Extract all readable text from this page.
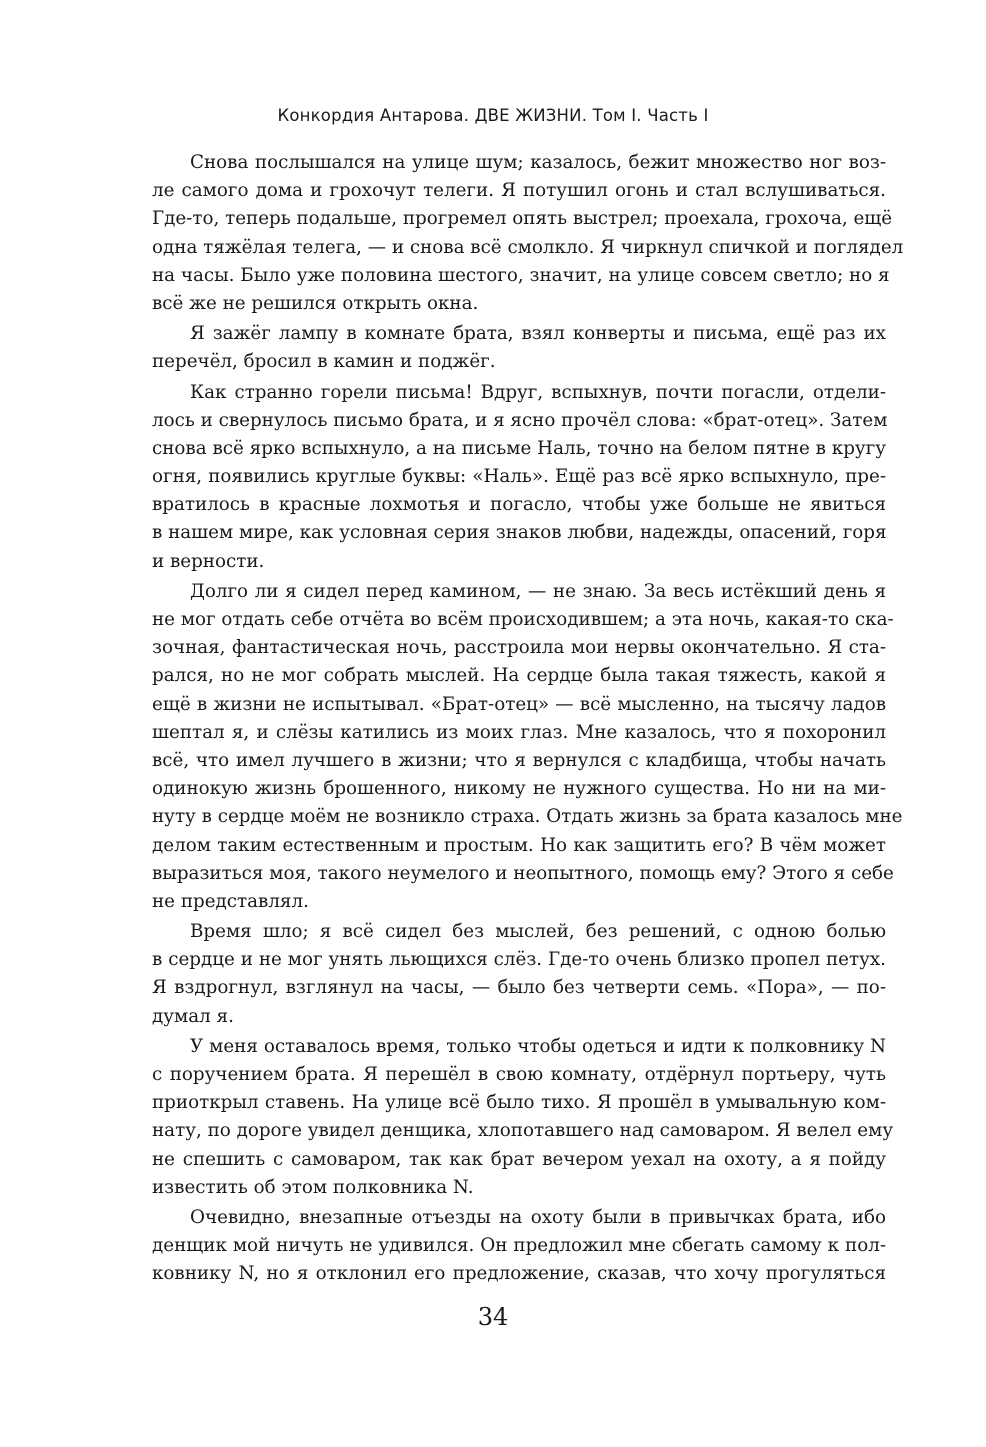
Конкордия Антарова. ДВЕ ЖИЗНИ. Том I. Часть I
Снова послышался на улице шум; казалось, бежит множество ног воз-
ле самого дома и грохочут телеги. Я потушил огонь и стал вслушиваться.
Где-то, теперь подальше, прогремел опять выстрел; проехала, грохоча, ещё
одна тяжёлая телега, — и снова всё смолкло. Я чиркнул спичкой и поглядел
на часы. Было уже половина шестого, значит, на улице совсем светло; но я
всё же не решился открыть окна.
Я зажёг лампу в комнате брата, взял конверты и письма, ещё раз их
перечёл, бросил в камин и поджёг.
Как странно горели письма! Вдруг, вспыхнув, почти погасли, отдели-
лось и свернулось письмо брата, и я ясно прочёл слова: «брат-отец». Затем
снова всё ярко вспыхнуло, а на письме Наль, точно на белом пятне в кругу
огня, появились круглые буквы: «Наль». Ещё раз всё ярко вспыхнуло, пре-
вратилось в красные лохмотья и погасло, чтобы уже больше не явиться
в нашем мире, как условная серия знаков любви, надежды, опасений, горя
и верности.
Долго ли я сидел перед камином, — не знаю. За весь истёкший день я
не мог отдать себе отчёта во всём происходившем; а эта ночь, какая-то ска-
зочная, фантастическая ночь, расстроила мои нервы окончательно. Я ста-
рался, но не мог собрать мыслей. На сердце была такая тяжесть, какой я
ещё в жизни не испытывал. «Брат-отец» — всё мысленно, на тысячу ладов
шептал я, и слёзы катились из моих глаз. Мне казалось, что я похоронил
всё, что имел лучшего в жизни; что я вернулся с кладбища, чтобы начать
одинокую жизнь брошенного, никому не нужного существа. Но ни на ми-
нуту в сердце моём не возникло страха. Отдать жизнь за брата казалось мне
делом таким естественным и простым. Но как защитить его? В чём может
выразиться моя, такого неумелого и неопытного, помощь ему? Этого я себе
не представлял.
Время шло; я всё сидел без мыслей, без решений, с одною болью
в сердце и не мог унять льющихся слёз. Где-то очень близко пропел петух.
Я вздрогнул, взглянул на часы, — было без четверти семь. «Пора», — по-
думал я.
У меня оставалось время, только чтобы одеться и идти к полковнику N
с поручением брата. Я перешёл в свою комнату, отдёрнул портьеру, чуть
приоткрыл ставень. На улице всё было тихо. Я прошёл в умывальную ком-
нату, по дороге увидел денщика, хлопотавшего над самоваром. Я велел ему
не спешить с самоваром, так как брат вечером уехал на охоту, а я пойду
известить об этом полковника N.
Очевидно, внезапные отъезды на охоту были в привычках брата, ибо
денщик мой ничуть не удивился. Он предложил мне сбегать самому к пол-
ковнику N, но я отклонил его предложение, сказав, что хочу прогуляться
34
